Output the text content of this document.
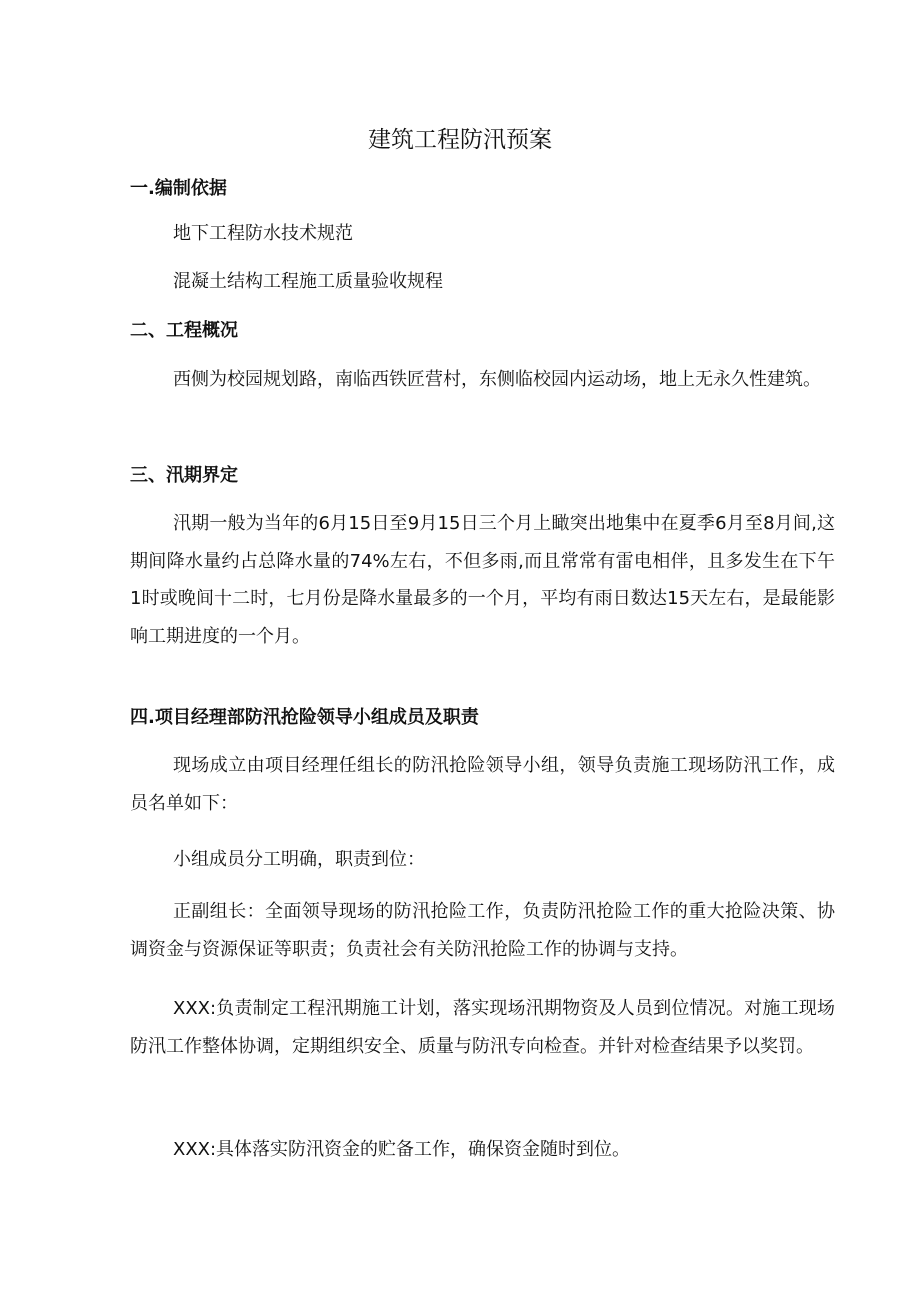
建筑工程防汛预案
一.编制依据

地下工程防水技术规范

混凝土结构工程施工质量验收规程

二、工程概况

西侧为校园规划路，南临西铁匠营村，东侧临校园内运动场，地上无永久性建筑。

三、汛期界定

汛期一般为当年的6月15日至9月15日三个月上瞰突出地集中在夏季6月至8月间,这期间降水量约占总降水量的74%左右，不但多雨,而且常常有雷电相伴，且多发生在下午1时或晚间十二时，七月份是降水量最多的一个月，平均有雨日数达15天左右，是最能影响工期进度的一个月。

四.项目经理部防汛抢险领导小组成员及职责

现场成立由项目经理任组长的防汛抢险领导小组，领导负责施工现场防汛工作，成员名单如下：

小组成员分工明确，职责到位：

正副组长：全面领导现场的防汛抢险工作，负责防汛抢险工作的重大抢险决策、协调资金与资源保证等职责；负责社会有关防汛抢险工作的协调与支持。

XXX:负责制定工程汛期施工计划，落实现场汛期物资及人员到位情况。对施工现场防汛工作整体协调，定期组织安全、质量与防汛专向检查。并针对检查结果予以奖罚。

XXX:具体落实防汛资金的贮备工作，确保资金随时到位。
